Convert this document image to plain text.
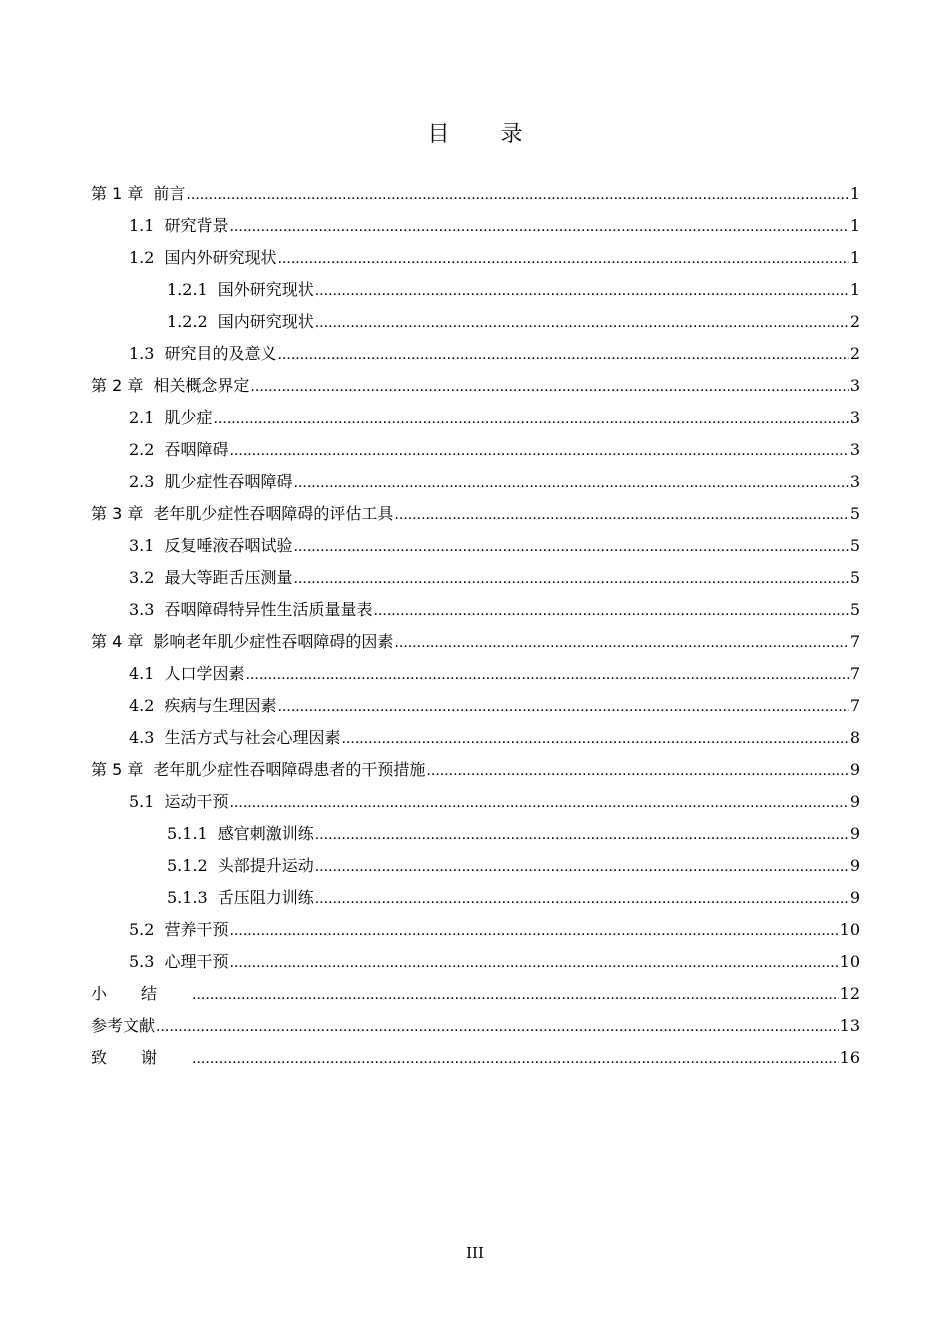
目 录
第 1 章 前言 .....	1
1.1 研究背景 .....	1
1.2 国内外研究现状 .....	1
1.2.1 国外研究现状 .....	1
1.2.2 国内研究现状 .....	2
1.3 研究目的及意义 .....	2
第 2 章 相关概念界定 .....	3
2.1 肌少症 .....	3
2.2 吞咽障碍 .....	3
2.3 肌少症性吞咽障碍 .....	3
第 3 章 老年肌少症性吞咽障碍的评估工具 .....	5
3.1 反复唾液吞咽试验 .....	5
3.2 最大等距舌压测量 .....	5
3.3 吞咽障碍特异性生活质量量表 .....	5
第 4 章 影响老年肌少症性吞咽障碍的因素 .....	7
4.1 人口学因素 .....	7
4.2 疾病与生理因素 .....	7
4.3 生活方式与社会心理因素 .....	8
第 5 章 老年肌少症性吞咽障碍患者的干预措施 .....	9
5.1 运动干预 .....	9
5.1.1 感官刺激训练 .....	9
5.1.2 头部提升运动 .....	9
5.1.3 舌压阻力训练 .....	9
5.2 营养干预 .....	10
5.3 心理干预 .....	10
小结 .....	12
参考文献 .....	13
致谢 .....	16
III
